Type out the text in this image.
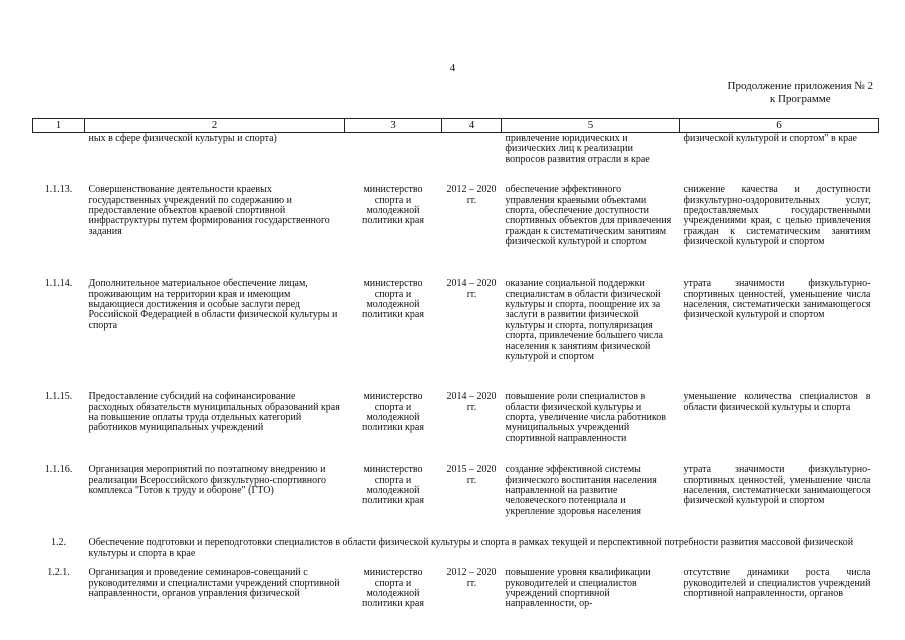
4
Продолжение приложения № 2
к Программе
1	2	3	4	5	6
	ных в сфере физической культуры и спорта)			привлечение юридических и физических лиц к реализации вопросов развития отрасли в крае	физической культурой и спортом" в крае

1.1.13.	Совершенствование деятельности краевых государственных учреждений по содержанию и предоставление объектов краевой спортивной инфраструктуры путем формирования государственного задания	министерство спорта и молодежной политики края	2012 – 2020 гг.	обеспечение эффективного управления краевыми объектами спорта, обеспечение доступности спортивных объектов для привлечения граждан к систематическим занятиям физической культурой и спортом	снижение качества и доступности физкультурно-оздоровительных услуг, предоставляемых государственными учреждениями края, с целью привлечения граждан к систематическим занятиям физической культурой и спортом
1.1.14.	Дополнительное материальное обеспечение лицам, проживающим на территории края и имеющим выдающиеся достижения и особые заслуги перед Российской Федерацией в области физической культуры и спорта	министерство спорта и молодежной политики края	2014 – 2020 гг.	оказание социальной поддержки специалистам в области физической культуры и спорта, поощрение их за заслуги в развитии физической культуры и спорта, популяризация спорта, привлечение большего числа населения к занятиям физической культурой и спортом	утрата значимости физкультурно-спортивных ценностей, уменьшение числа населения, систематически занимающегося физической культурой и спортом
1.1.15.	Предоставление субсидий на софинансирование расходных обязательств муниципальных образований края на повышение оплаты труда отдельных категорий работников муниципальных учреждений	министерство спорта и молодежной политики края	2014 – 2020 гг.	повышение роли специалистов в области физической культуры и спорта, увеличение числа работников муниципальных учреждений спортивной направленности	уменьшение количества специалистов в области физической культуры и спорта
1.1.16.	Организация мероприятий по поэтапному внедрению и реализации Всероссийского физкультурно-спортивного комплекса "Готов к труду и обороне" (ГТО)	министерство спорта и молодежной политики края	2015 – 2020 гг.	создание эффективной системы физического воспитания населения направленной на развитие человеческого потенциала и укрепление здоровья населения	утрата значимости физкультурно-спортивных ценностей, уменьшение числа населения, систематически занимающегося физической культурой и спортом
1.2.	Обеспечение подготовки и переподготовки специалистов в области физической культуры и спорта в рамках текущей и перспективной потребности развития массовой физической культуры и спорта в крае				
1.2.1.	Организация и проведение семинаров-совещаний с руководителями и специалистами учреждений спортивной направленности, органов управления физической	министерство спорта и молодежной политики края	2012 – 2020 гг.	повышение уровня квалификации руководителей и специалистов учреждений спортивной направленности, ор-	отсутствие динамики роста числа руководителей и специалистов учреждений спортивной направленности, органов
